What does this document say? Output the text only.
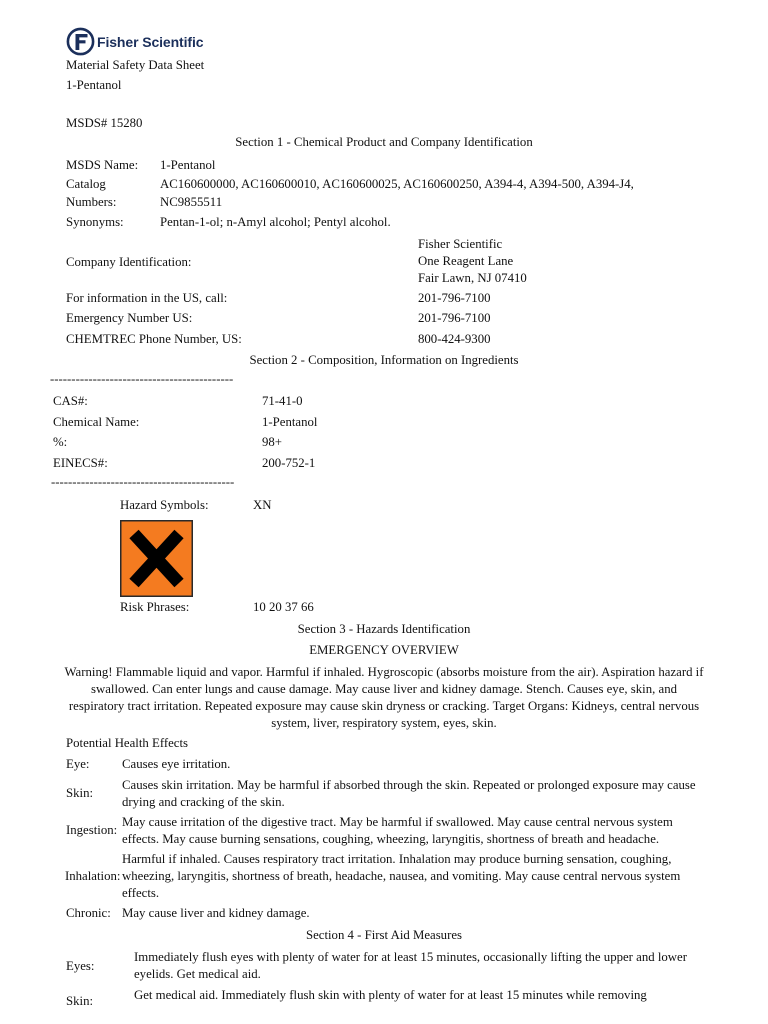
Fisher Scientific
Material Safety Data Sheet
1-Pentanol
MSDS# 15280
Section 1 - Chemical Product and Company Identification
MSDS Name: 1-Pentanol
Catalog
Numbers:
AC160600000, AC160600010, AC160600025, AC160600250, A394-4, A394-500, A394-J4,
NC9855511
Synonyms:	Pentan-1-ol; n-Amyl alcohol; Pentyl alcohol.
Company Identification:
Fisher Scientific
One Reagent Lane
Fair Lawn, NJ 07410
For information in the US, call:	201-796-7100
Emergency Number US:	201-796-7100
CHEMTREC Phone Number, US:	800-424-9300
Section 2 - Composition, Information on Ingredients
-------------------------------------------
CAS#:	71-41-0
Chemical Name:	1-Pentanol
%:	98+
EINECS#:	200-752-1
-------------------------------------------
Hazard Symbols:	XN
Risk Phrases:	10 20 37 66
Section 3 - Hazards Identification
EMERGENCY OVERVIEW
Warning! Flammable liquid and vapor. Harmful if inhaled. Hygroscopic (absorbs moisture from the air). Aspiration hazard if
swallowed. Can enter lungs and cause damage. May cause liver and kidney damage. Stench. Causes eye, skin, and
respiratory tract irritation. Repeated exposure may cause skin dryness or cracking. Target Organs: Kidneys, central nervous
system, liver, respiratory system, eyes, skin.
Potential Health Effects
Eye:	Causes eye irritation.
Skin:
Causes skin irritation. May be harmful if absorbed through the skin. Repeated or prolonged exposure may cause
drying and cracking of the skin.
Ingestion:
May cause irritation of the digestive tract. May be harmful if swallowed. May cause central nervous system
effects. May cause burning sensations, coughing, wheezing, laryngitis, shortness of breath and headache.
Inhalation:
Harmful if inhaled. Causes respiratory tract irritation. Inhalation may produce burning sensation, coughing,
wheezing, laryngitis, shortness of breath, headache, nausea, and vomiting. May cause central nervous system
effects.
Chronic: May cause liver and kidney damage.
Section 4 - First Aid Measures
Eyes:
Immediately flush eyes with plenty of water for at least 15 minutes, occasionally lifting the upper and lower
eyelids. Get medical aid.
Skin:	Get medical aid. Immediately flush skin with plenty of water for at least 15 minutes while removing
